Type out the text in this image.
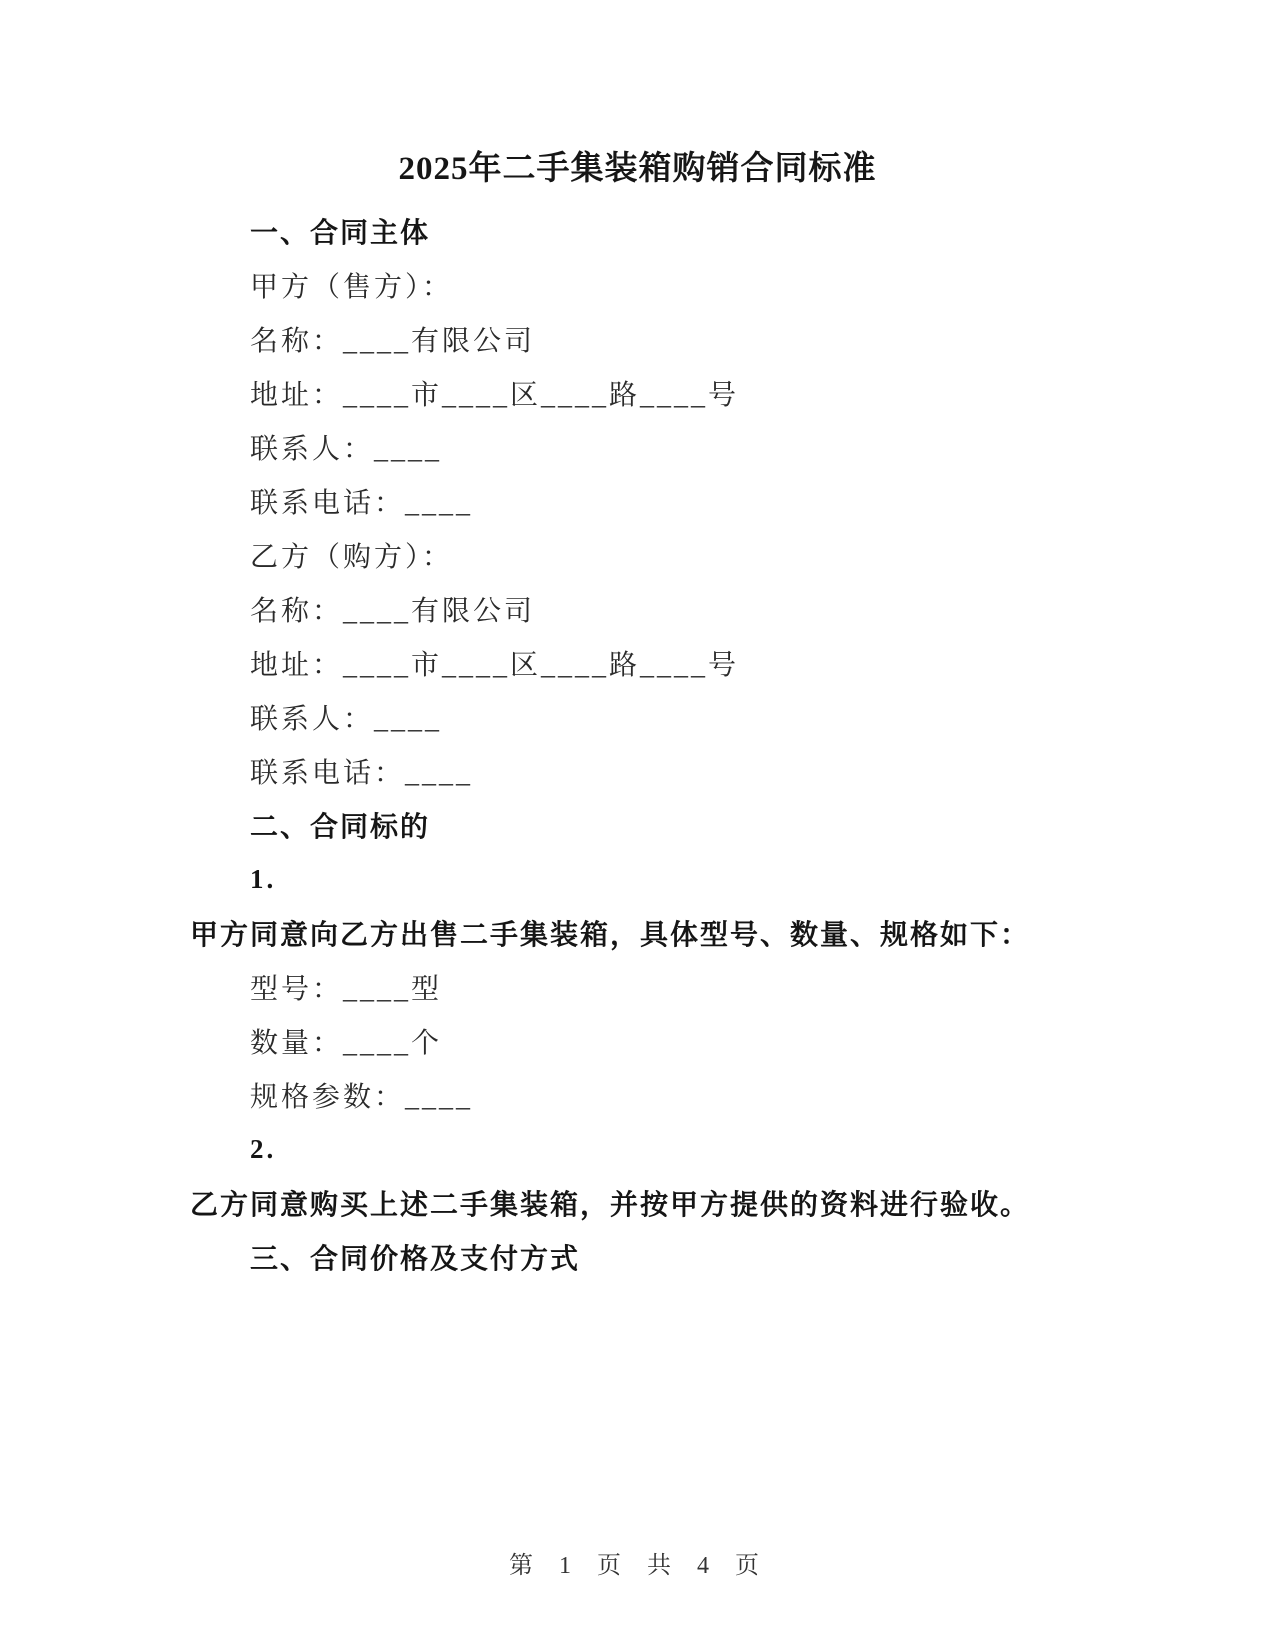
2025年二手集装箱购销合同标准
一、合同主体
甲方（售方）：
名称：____有限公司
地址：____市____区____路____号
联系人：____
联系电话：____
乙方（购方）：
名称：____有限公司
地址：____市____区____路____号
联系人：____
联系电话：____
二、合同标的
1.
甲方同意向乙方出售二手集装箱，具体型号、数量、规格如下：
型号：____型
数量：____个
规格参数：____
2.
乙方同意购买上述二手集装箱，并按甲方提供的资料进行验收。
三、合同价格及支付方式
第 1 页 共 4 页
